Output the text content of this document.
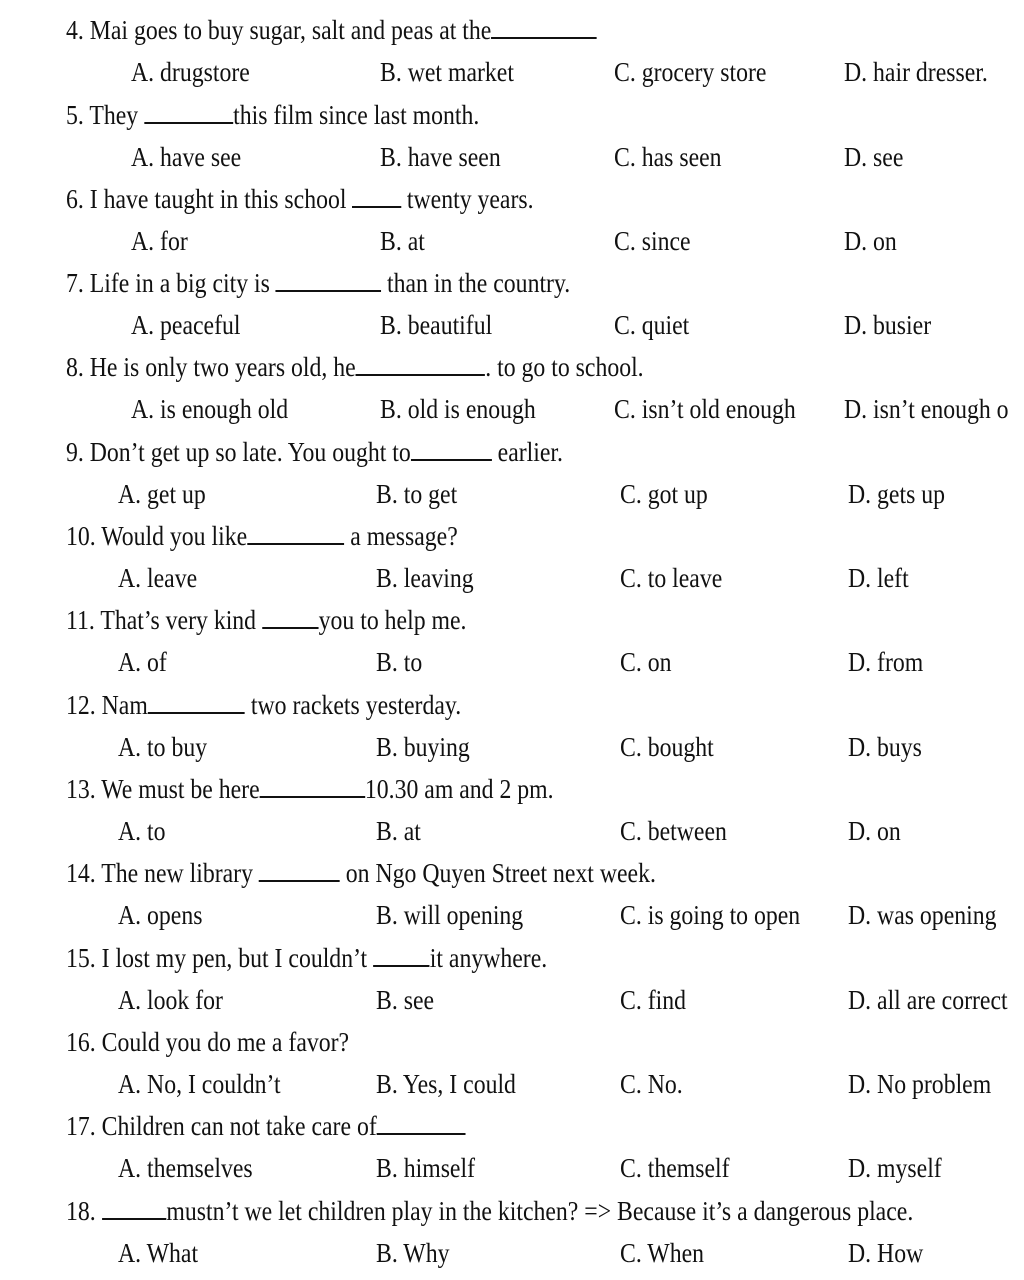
4. Mai goes to buy sugar, salt and peas at the
A. drugstore	B. wet market	C. grocery store	D. hair dresser.
5. They	this film since last month.
A. have see	B. have seen	C. has seen	D. see
6. I have taught in this school  twenty years.
A. for	B. at	C. since	D. on
7. Life in a big city is	than in the country.
A. peaceful	B. beautiful	C. quiet	D. busier
8. He is only two years old, he	. to go to school.
A. is enough old	B. old is enough	C. isn’t old enough D. isn’t enough o
9. Don’t get up so late. You ought to	earlier.
A. get up	B. to get	C. got up	D. gets up
10. Would you like	a message?
A. leave	B. leaving	C. to leave	D. left
11. That’s very kind you to help me.
A. of	B. to	C. on	D. from
12. Nam	two rackets yesterday.
A. to buy	B. buying	C. bought	D. buys
13. We must be here	10.30 am and 2 pm.
A. to	B. at	C. between	D. on
14. The new library	on Ngo Quyen Street next week.
A. opens	B. will opening	C. is going to open D. was opening
15. I lost my pen, but I couldn’t it anywhere.
A. look for	B. see	C. find	D. all are correct
16. Could you do me a favor?
A. No, I couldn’t	B. Yes, I could	C. No.	D. No problem
17. Children can not take care of
A. themselves	B. himself	C. themself	D. myself
18. mustn’t we let children play in the kitchen? => Because it’s a dangerous place.
A. What	B. Why	C. When	D. How
